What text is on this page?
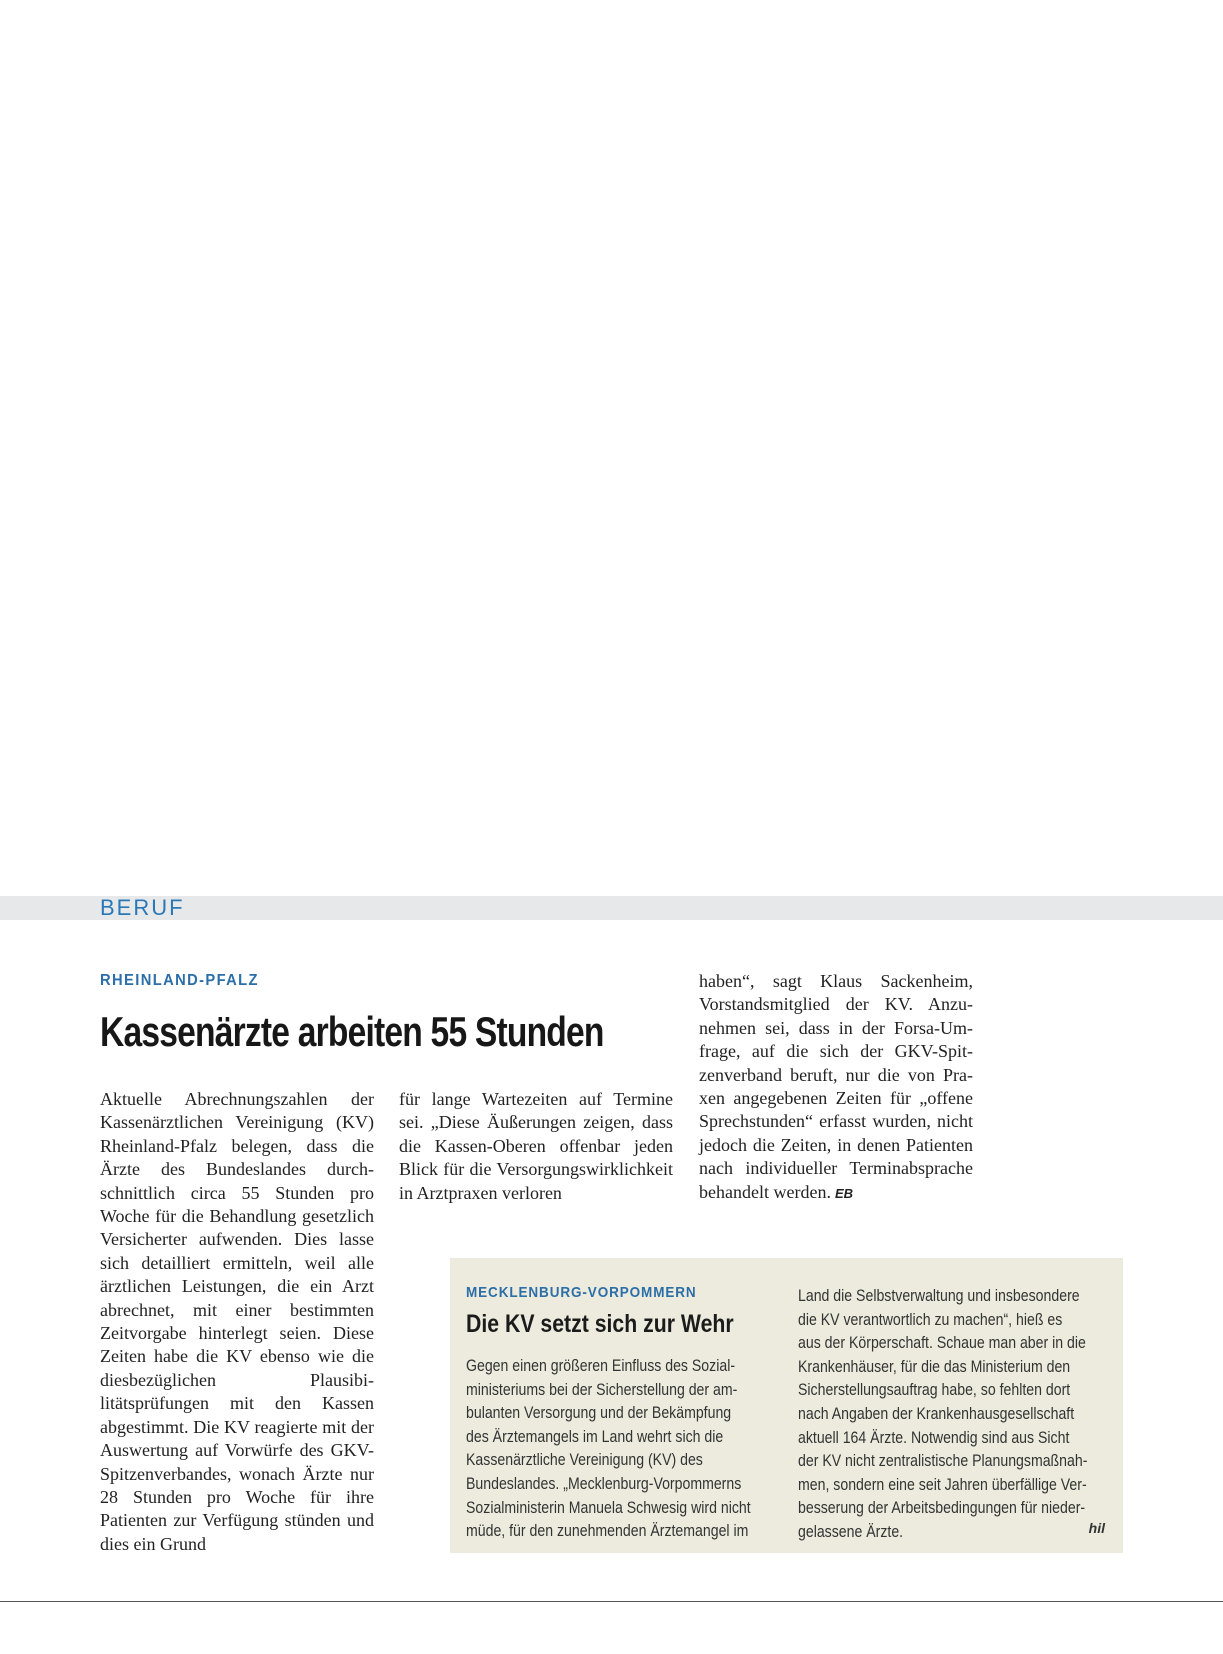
BERUF
RHEINLAND-PFALZ
Kassenärzte arbeiten 55 Stunden

Aktuelle Abrechnungszahlen der Kassenärztlichen Vereinigung (KV) Rheinland-Pfalz belegen, dass die Ärzte des Bundeslandes durchschnittlich circa 55 Stunden pro Woche für die Behandlung gesetzlich Versicherter aufwenden. Dies lasse sich detailliert ermitteln, weil alle ärztlichen Leistungen, die ein Arzt abrechnet, mit einer bestimmten Zeitvorgabe hinterlegt seien. Diese Zeiten habe die KV ebenso wie die diesbezüglichen Plausibilitätsprüfungen mit den Kassen abgestimmt. Die KV reagierte mit der Auswertung auf Vorwürfe des GKV-Spitzenverbandes, wonach Ärzte nur 28 Stunden pro Woche für ihre Patienten zur Verfügung stünden und dies ein Grund

für lange Wartezeiten auf Termine sei. „Diese Äußerungen zeigen, dass die Kassen-Oberen offenbar jeden Blick für die Versorgungswirklichkeit in Arztpraxen verloren

haben“, sagt Klaus Sackenheim, Vorstandsmitglied der KV. Anzunehmen sei, dass in der Forsa-Umfrage, auf die sich der GKV-Spitzenverband beruft, nur die von Praxen angegebenen Zeiten für „offene Sprechstunden“ erfasst wurden, nicht jedoch die Zeiten, in denen Patienten nach individueller Terminabsprache behandelt werden. EB

MECKLENBURG-VORPOMMERN
Die KV setzt sich zur Wehr

Gegen einen größeren Einfluss des Sozialministeriums bei der Sicherstellung der ambulanten Versorgung und der Bekämpfung des Ärztemangels im Land wehrt sich die Kassenärztliche Vereinigung (KV) des Bundeslandes. „Mecklenburg-Vorpommerns Sozialministerin Manuela Schwesig wird nicht müde, für den zunehmenden Ärztemangel im

Land die Selbstverwaltung und insbesondere die KV verantwortlich zu machen“, hieß es aus der Körperschaft. Schaue man aber in die Krankenhäuser, für die das Ministerium den Sicherstellungsauftrag habe, so fehlten dort nach Angaben der Krankenhausgesellschaft aktuell 164 Ärzte. Notwendig sind aus Sicht der KV nicht zentralistische Planungsmaßnahmen, sondern eine seit Jahren überfällige Verbesserung der Arbeitsbedingungen für niedergelassene Ärzte.	hil
